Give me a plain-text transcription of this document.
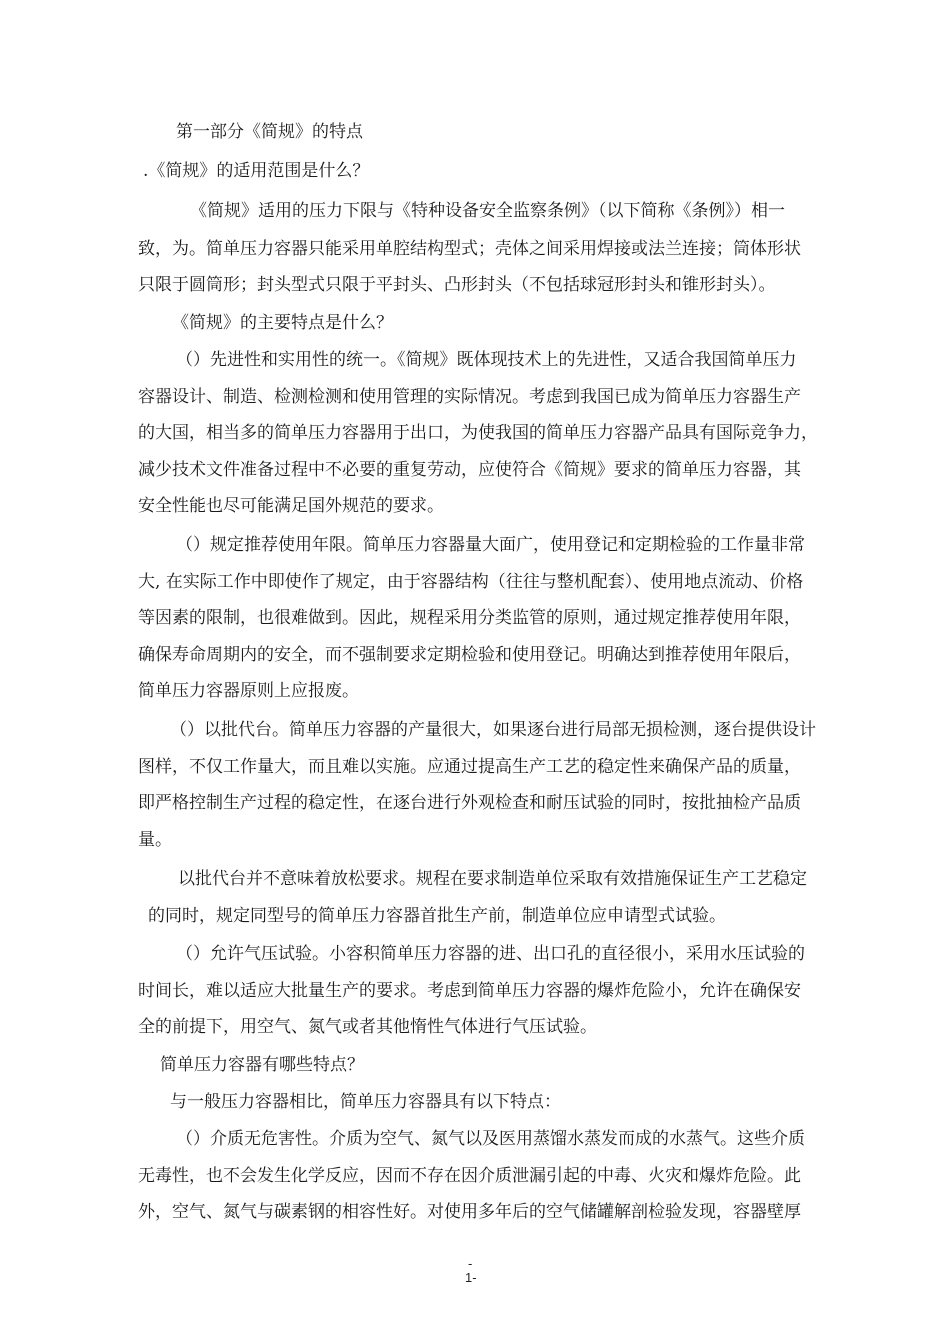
第一部分《简规》的特点
.《简规》的适用范围是什么？
《简规》适用的压力下限与《特种设备安全监察条例》（以下简称《条例》）相一
致，为。简单压力容器只能采用单腔结构型式；壳体之间采用焊接或法兰连接；筒体形状
只限于圆筒形；封头型式只限于平封头、凸形封头（不包括球冠形封头和锥形封头）。
《简规》的主要特点是什么？
（）先进性和实用性的统一。《简规》既体现技术上的先进性，又适合我国简单压力
容器设计、制造、检测检测和使用管理的实际情况。考虑到我国已成为简单压力容器生产
的大国，相当多的简单压力容器用于出口，为使我国的简单压力容器产品具有国际竞争力，
减少技术文件准备过程中不必要的重复劳动，应使符合《简规》要求的简单压力容器，其
安全性能也尽可能满足国外规范的要求。
（）规定推荐使用年限。简单压力容器量大面广，使用登记和定期检验的工作量非常
大, 在实际工作中即使作了规定，由于容器结构（往往与整机配套）、使用地点流动、价格
等因素的限制，也很难做到。因此，规程采用分类监管的原则，通过规定推荐使用年限，
确保寿命周期内的安全，而不强制要求定期检验和使用登记。明确达到推荐使用年限后，
简单压力容器原则上应报废。
（）以批代台。简单压力容器的产量很大，如果逐台进行局部无损检测，逐台提供设计
图样，不仅工作量大，而且难以实施。应通过提高生产工艺的稳定性来确保产品的质量，
即严格控制生产过程的稳定性，在逐台进行外观检查和耐压试验的同时，按批抽检产品质
量。
以批代台并不意味着放松要求。规程在要求制造单位采取有效措施保证生产工艺稳定
的同时，规定同型号的简单压力容器首批生产前，制造单位应申请型式试验。
（）允许气压试验。小容积简单压力容器的进、出口孔的直径很小，采用水压试验的
时间长，难以适应大批量生产的要求。考虑到简单压力容器的爆炸危险小，允许在确保安
全的前提下，用空气、氮气或者其他惰性气体进行气压试验。
简单压力容器有哪些特点？
与一般压力容器相比，简单压力容器具有以下特点：
（）介质无危害性。介质为空气、氮气以及医用蒸馏水蒸发而成的水蒸气。这些介质
无毒性，也不会发生化学反应，因而不存在因介质泄漏引起的中毒、火灾和爆炸危险。此
外，空气、氮气与碳素钢的相容性好。对使用多年后的空气储罐解剖检验发现，容器壁厚
-
1-
